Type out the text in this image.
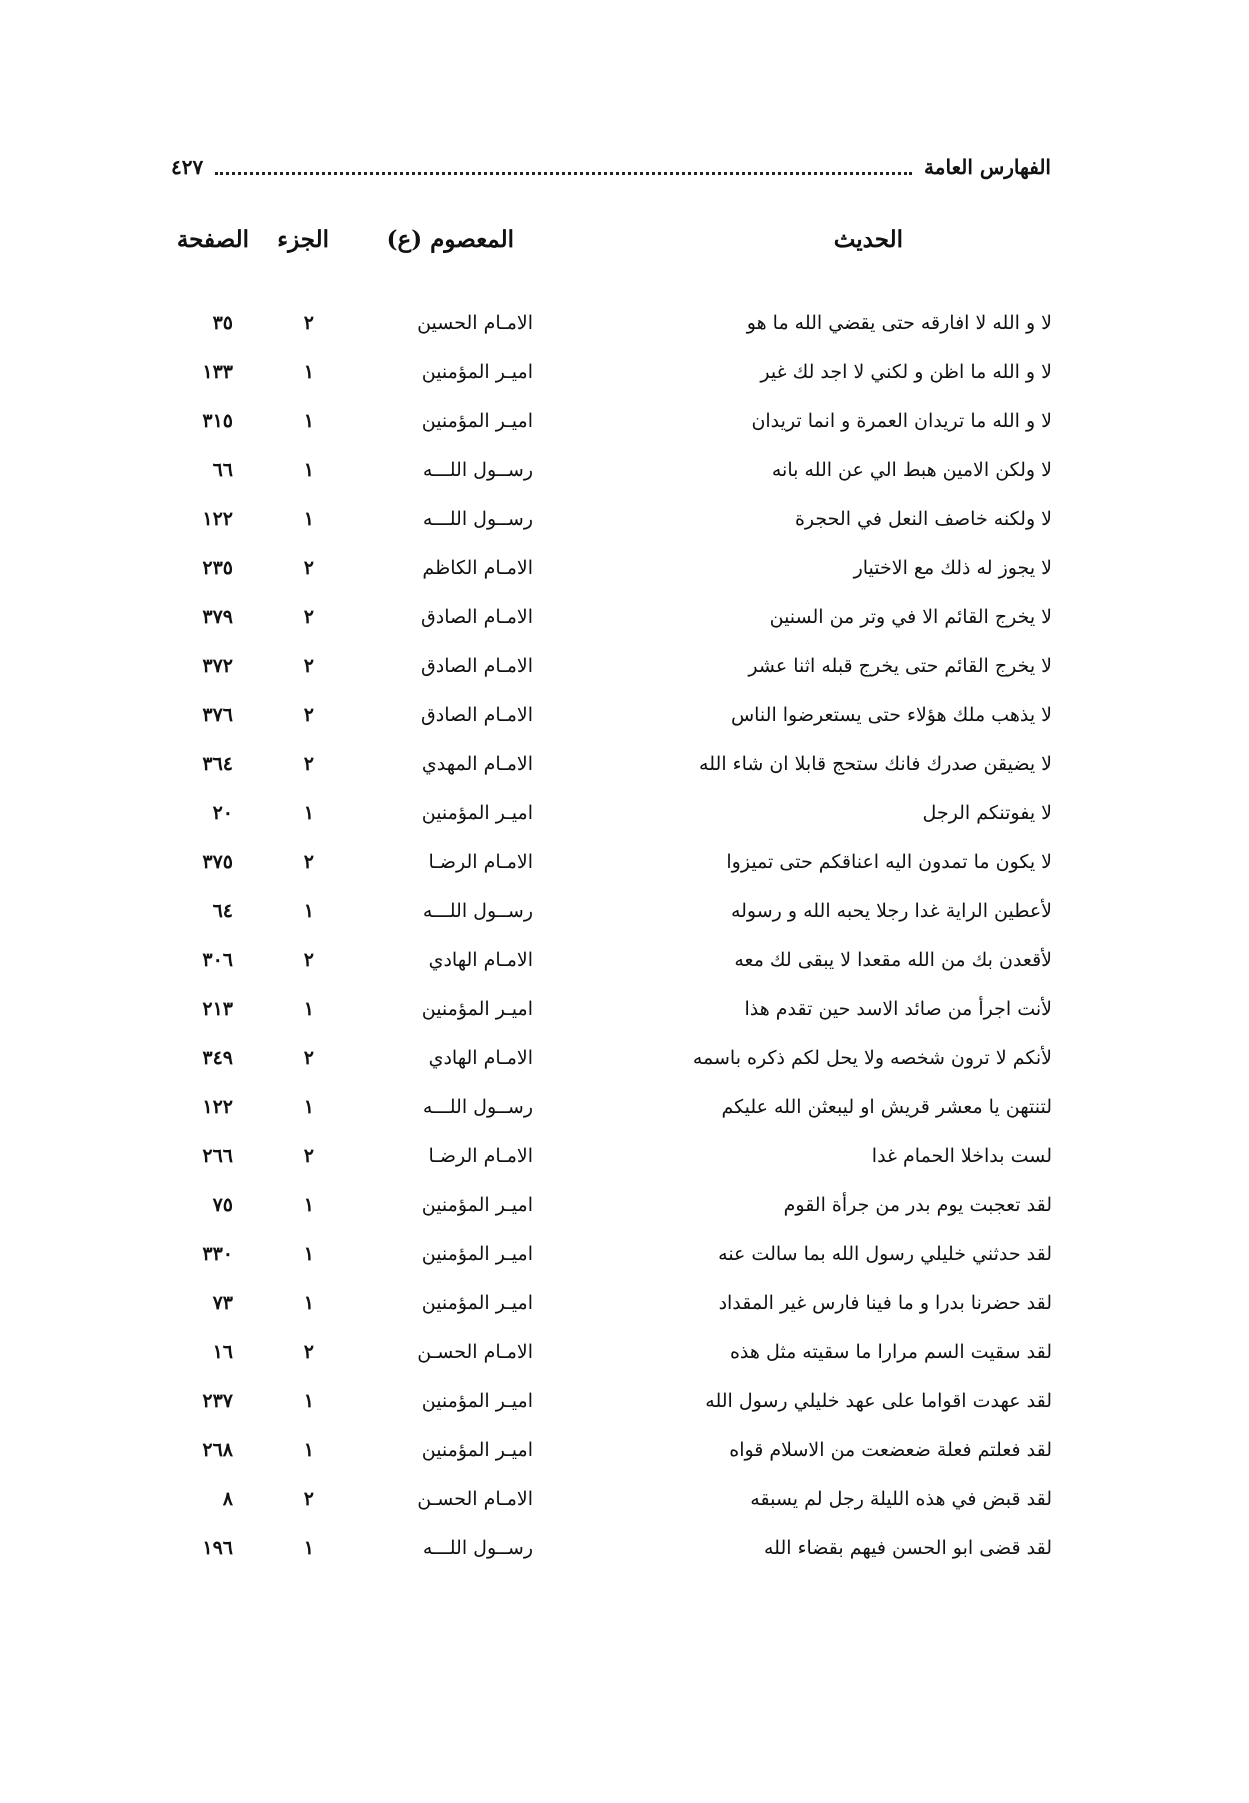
الفهارس العامة
٤٢٧
الحديث
المعصوم (ع)
الجزء
الصفحة
لا و الله لا افارقه حتى يقضي الله ما هو
الامـام الحسين
٢
٣٥
لا و الله ما اظن و لكني لا اجد لك غير
اميـر المؤمنين
١
١٣٣
لا و الله ما تريدان العمرة و انما تريدان
اميـر المؤمنين
١
٣١٥
لا ولكن الامين هبط الي عن الله بانه
رســول اللـــه
١
٦٦
لا ولكنه خاصف النعل في الحجرة
رســول اللـــه
١
١٢٢
لا يجوز له ذلك مع الاختيار
الامـام الكاظم
٢
٢٣٥
لا يخرج القائم الا في وتر من السنين
الامـام الصادق
٢
٣٧٩
لا يخرج القائم حتى يخرج قبله اثنا عشر
الامـام الصادق
٢
٣٧٢
لا يذهب ملك هؤلاء حتى يستعرضوا الناس
الامـام الصادق
٢
٣٧٦
لا يضيقن صدرك فانك ستحج قابلا ان شاء الله
الامـام المهدي
٢
٣٦٤
لا يفوتنكم الرجل
اميـر المؤمنين
١
٢٠
لا يكون ما تمدون اليه اعناقكم حتى تميزوا
الامـام الرضـا
٢
٣٧٥
لأعطين الراية غدا رجلا يحبه الله و رسوله
رســول اللـــه
١
٦٤
لأقعدن بك من الله مقعدا لا يبقى لك معه
الامـام الهادي
٢
٣٠٦
لأنت اجرأ من صائد الاسد حين تقدم هذا
اميـر المؤمنين
١
٢١٣
لأنكم لا ترون شخصه ولا يحل لكم ذكره باسمه
الامـام الهادي
٢
٣٤٩
لتنتهن يا معشر قريش او ليبعثن الله عليكم
رســول اللـــه
١
١٢٢
لست بداخلا الحمام غدا
الامـام الرضـا
٢
٢٦٦
لقد تعجبت يوم بدر من جرأة القوم
اميـر المؤمنين
١
٧٥
لقد حدثني خليلي رسول الله بما سالت عنه
اميـر المؤمنين
١
٣٣٠
لقد حضرنا بدرا و ما فينا فارس غير المقداد
اميـر المؤمنين
١
٧٣
لقد سقيت السم مرارا ما سقيته مثل هذه
الامـام الحسـن
٢
١٦
لقد عهدت اقواما على عهد خليلي رسول الله
اميـر المؤمنين
١
٢٣٧
لقد فعلتم فعلة ضعضعت من الاسلام قواه
اميـر المؤمنين
١
٢٦٨
لقد قبض في هذه الليلة رجل لم يسبقه
الامـام الحسـن
٢
٨
لقد قضى ابو الحسن فيهم بقضاء الله
رســول اللـــه
١
١٩٦
